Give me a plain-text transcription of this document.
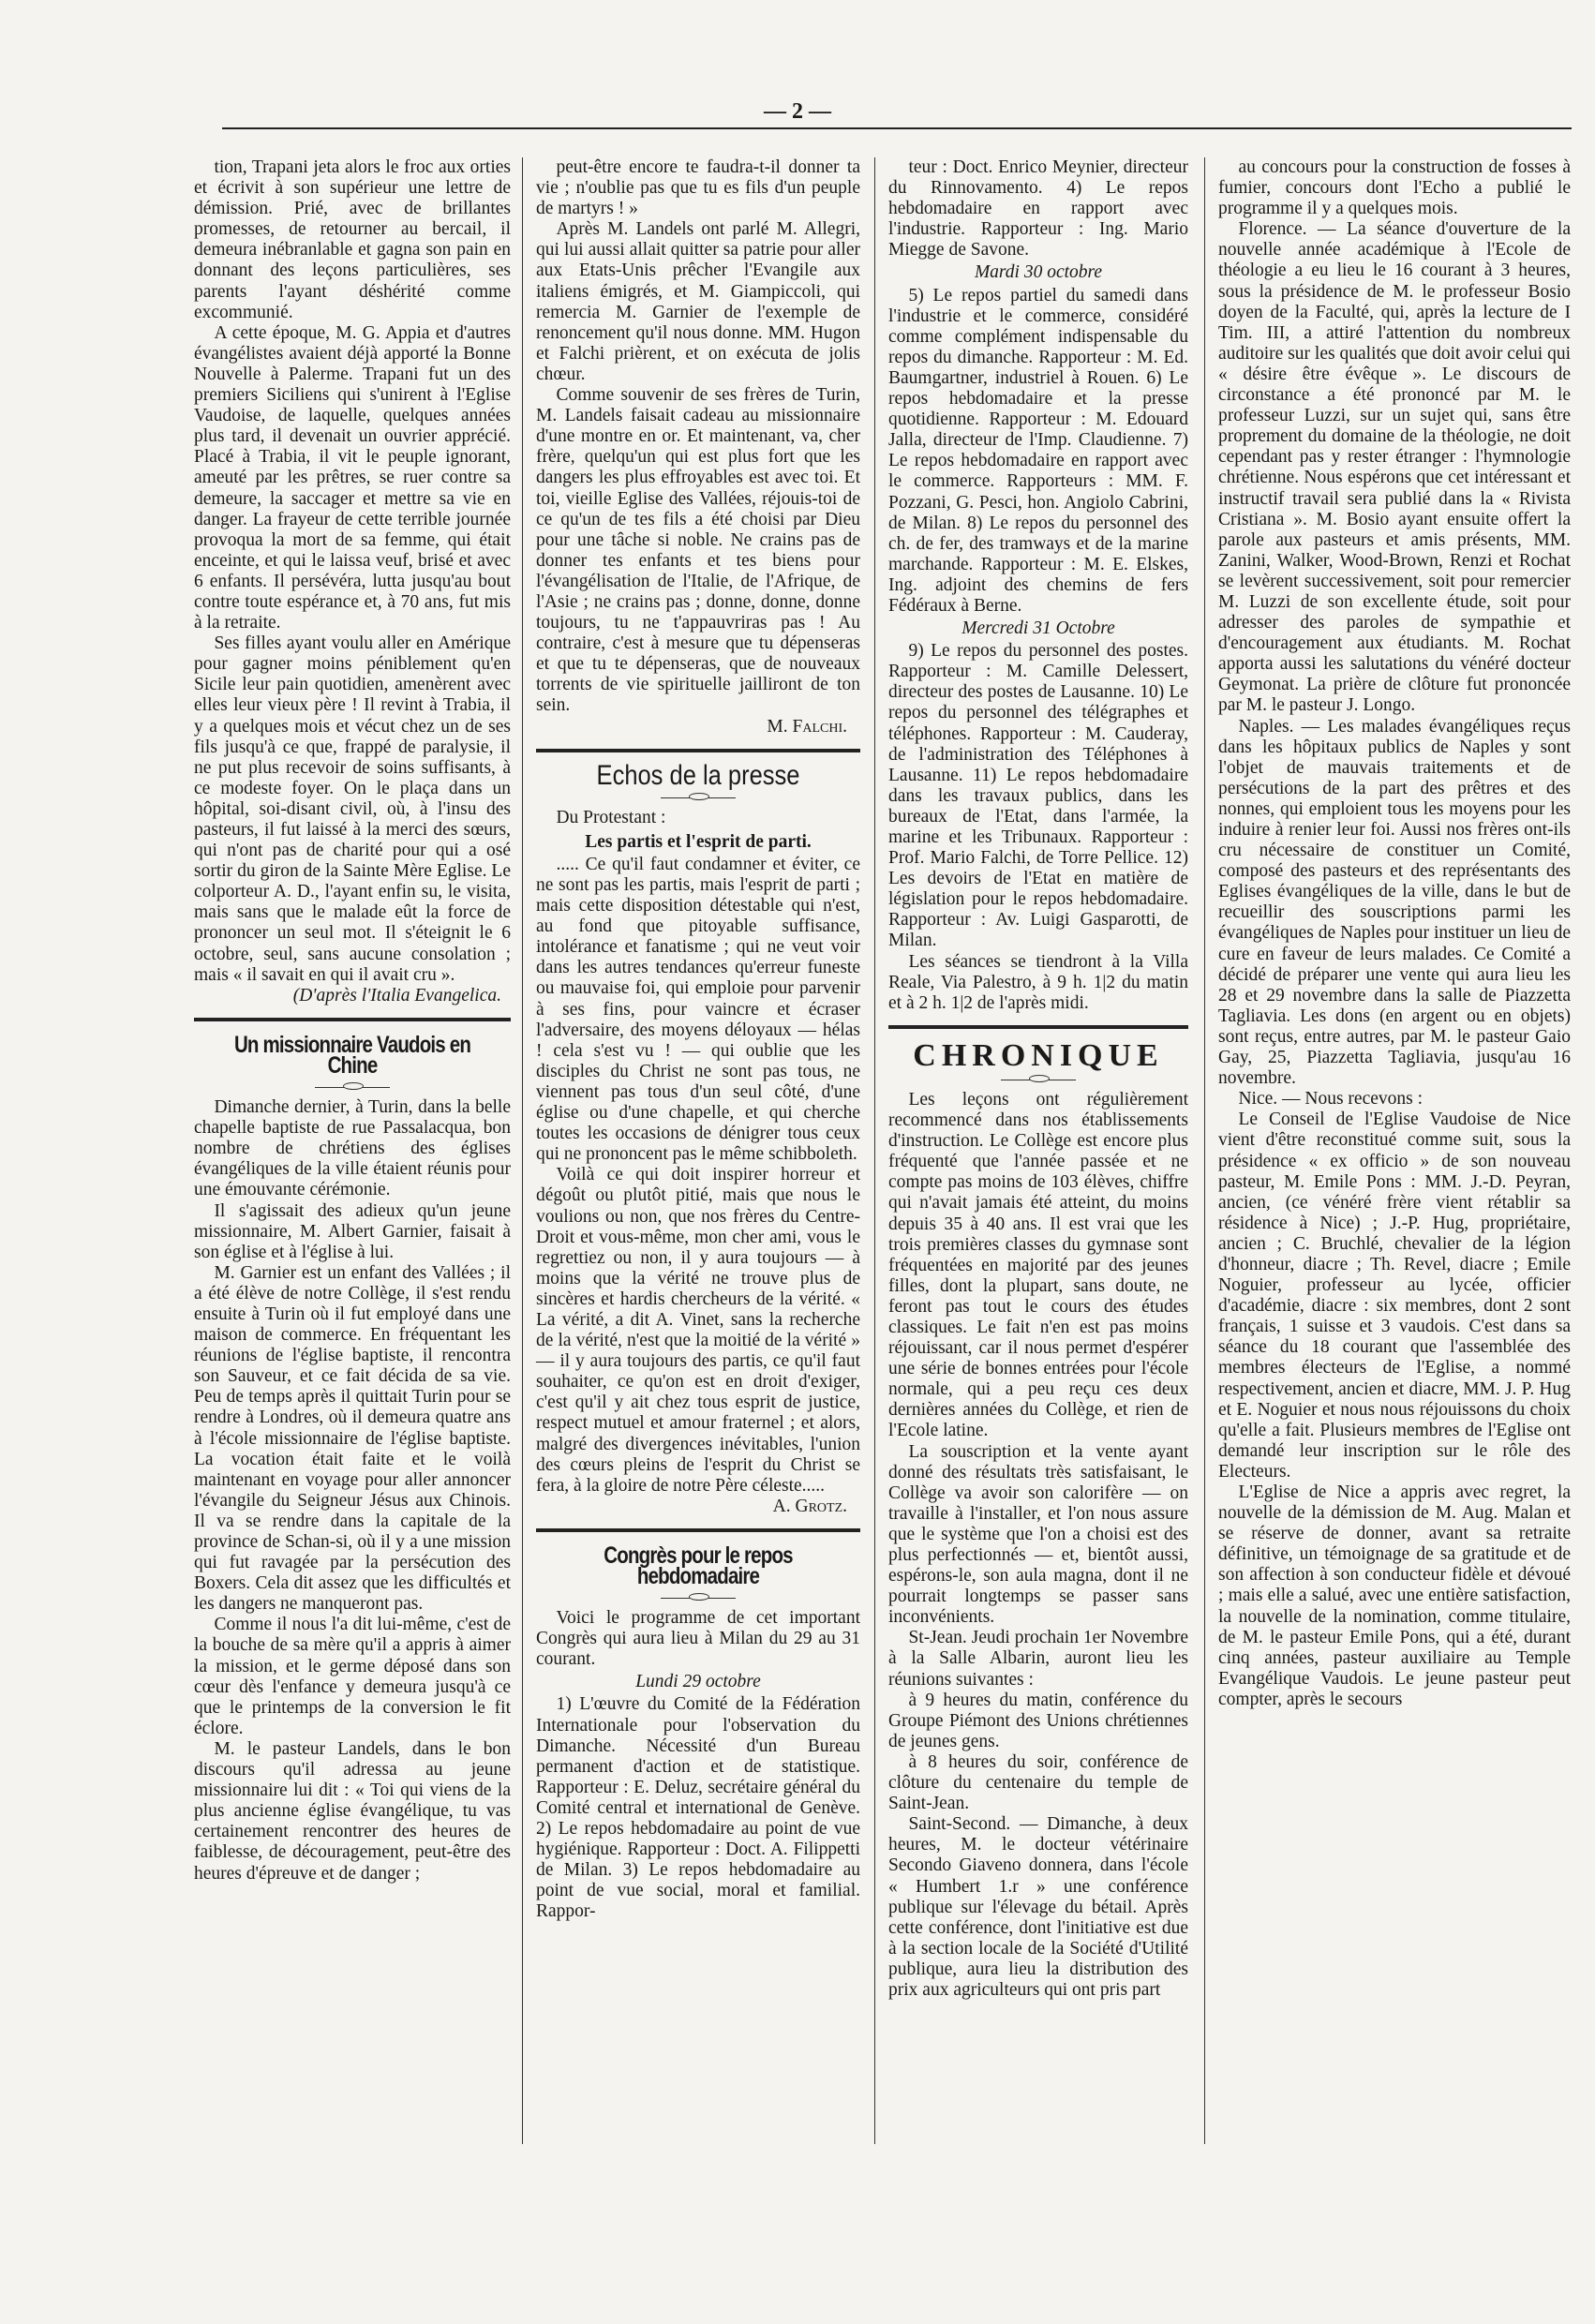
— 2 —
tion, Trapani jeta alors le froc aux orties et écrivit à son supérieur une lettre de démission. Prié, avec de brillantes promesses, de retourner au bercail, il demeura inébranlable et gagna son pain en donnant des leçons particulières, ses parents l'ayant déshérité comme excommunié.
A cette époque, M. G. Appia et d'autres évangélistes avaient déjà apporté la Bonne Nouvelle à Palerme. Trapani fut un des premiers Siciliens qui s'unirent à l'Eglise Vaudoise, de laquelle, quelques années plus tard, il devenait un ouvrier apprécié. Placé à Trabia, il vit le peuple ignorant, ameuté par les prêtres, se ruer contre sa demeure, la saccager et mettre sa vie en danger. La frayeur de cette terrible journée provoqua la mort de sa femme, qui était enceinte, et qui le laissa veuf, brisé et avec 6 enfants. Il persévéra, lutta jusqu'au bout contre toute espérance et, à 70 ans, fut mis à la retraite.
Ses filles ayant voulu aller en Amérique pour gagner moins péniblement qu'en Sicile leur pain quotidien, amenèrent avec elles leur vieux père ! Il revint à Trabia, il y a quelques mois et vécut chez un de ses fils jusqu'à ce que, frappé de paralysie, il ne put plus recevoir de soins suffisants, à ce modeste foyer. On le plaça dans un hôpital, soi-disant civil, où, à l'insu des pasteurs, il fut laissé à la merci des sœurs, qui n'ont pas de charité pour qui a osé sortir du giron de la Sainte Mère Eglise. Le colporteur A. D., l'ayant enfin su, le visita, mais sans que le malade eût la force de prononcer un seul mot. Il s'éteignit le 6 octobre, seul, sans aucune consolation ; mais « il savait en qui il avait cru ».
(D'après l'Italia Evangelica.
Un missionnaire Vaudois en Chine
Dimanche dernier, à Turin, dans la belle chapelle baptiste de rue Passalacqua, bon nombre de chrétiens des églises évangéliques de la ville étaient réunis pour une émouvante cérémonie.
Il s'agissait des adieux qu'un jeune missionnaire, M. Albert Garnier, faisait à son église et à l'église à lui.
M. Garnier est un enfant des Vallées ; il a été élève de notre Collège, il s'est rendu ensuite à Turin où il fut employé dans une maison de commerce. En fréquentant les réunions de l'église baptiste, il rencontra son Sauveur, et ce fait décida de sa vie. Peu de temps après il quittait Turin pour se rendre à Londres, où il demeura quatre ans à l'école missionnaire de l'église baptiste. La vocation était faite et le voilà maintenant en voyage pour aller annoncer l'évangile du Seigneur Jésus aux Chinois. Il va se rendre dans la capitale de la province de Schan-si, où il y a une mission qui fut ravagée par la persécution des Boxers. Cela dit assez que les difficultés et les dangers ne manqueront pas.
Comme il nous l'a dit lui-même, c'est de la bouche de sa mère qu'il a appris à aimer la mission, et le germe déposé dans son cœur dès l'enfance y demeura jusqu'à ce que le printemps de la conversion le fit éclore.
M. le pasteur Landels, dans le bon discours qu'il adressa au jeune missionnaire lui dit : « Toi qui viens de la plus ancienne église évangélique, tu vas certainement rencontrer des heures de faiblesse, de découragement, peut-être des heures d'épreuve et de danger ;
peut-être encore te faudra-t-il donner ta vie ; n'oublie pas que tu es fils d'un peuple de martyrs ! »
Après M. Landels ont parlé M. Allegri, qui lui aussi allait quitter sa patrie pour aller aux Etats-Unis prêcher l'Evangile aux italiens émigrés, et M. Giampiccoli, qui remercia M. Garnier de l'exemple de renoncement qu'il nous donne. MM. Hugon et Falchi prièrent, et on exécuta de jolis chœur.
Comme souvenir de ses frères de Turin, M. Landels faisait cadeau au missionnaire d'une montre en or. Et maintenant, va, cher frère, quelqu'un qui est plus fort que les dangers les plus effroyables est avec toi. Et toi, vieille Eglise des Vallées, réjouis-toi de ce qu'un de tes fils a été choisi par Dieu pour une tâche si noble. Ne crains pas de donner tes enfants et tes biens pour l'évangélisation de l'Italie, de l'Afrique, de l'Asie ; ne crains pas ; donne, donne, donne toujours, tu ne t'appauvriras pas ! Au contraire, c'est à mesure que tu dépenseras et que tu te dépenseras, que de nouveaux torrents de vie spirituelle jailliront de ton sein.
M. Falchi.
Echos de la presse
Du Protestant :
Les partis et l'esprit de parti.
..... Ce qu'il faut condamner et éviter, ce ne sont pas les partis, mais l'esprit de parti ; mais cette disposition détestable qui n'est, au fond que pitoyable suffisance, intolérance et fanatisme ; qui ne veut voir dans les autres tendances qu'erreur funeste ou mauvaise foi, qui emploie pour parvenir à ses fins, pour vaincre et écraser l'adversaire, des moyens déloyaux — hélas ! cela s'est vu ! — qui oublie que les disciples du Christ ne sont pas tous, ne viennent pas tous d'un seul côté, d'une église ou d'une chapelle, et qui cherche toutes les occasions de dénigrer tous ceux qui ne prononcent pas le même schibboleth.
Voilà ce qui doit inspirer horreur et dégoût ou plutôt pitié, mais que nous le voulions ou non, que nos frères du Centre-Droit et vous-même, mon cher ami, vous le regrettiez ou non, il y aura toujours — à moins que la vérité ne trouve plus de sincères et hardis chercheurs de la vérité. « La vérité, a dit A. Vinet, sans la recherche de la vérité, n'est que la moitié de la vérité » — il y aura toujours des partis, ce qu'il faut souhaiter, ce qu'on est en droit d'exiger, c'est qu'il y ait chez tous esprit de justice, respect mutuel et amour fraternel ; et alors, malgré des divergences inévitables, l'union des cœurs pleins de l'esprit du Christ se fera, à la gloire de notre Père céleste.....
A. Grotz.
Congrès pour le repos hebdomadaire
Voici le programme de cet important Congrès qui aura lieu à Milan du 29 au 31 courant.
Lundi 29 octobre
1) L'œuvre du Comité de la Fédération Internationale pour l'observation du Dimanche. Nécessité d'un Bureau permanent d'action et de statistique. Rapporteur : E. Deluz, secrétaire général du Comité central et international de Genève. 2) Le repos hebdomadaire au point de vue hygiénique. Rapporteur : Doct. A. Filippetti de Milan. 3) Le repos hebdomadaire au point de vue social, moral et familial. Rappor-
teur : Doct. Enrico Meynier, directeur du Rinnovamento. 4) Le repos hebdomadaire en rapport avec l'industrie. Rapporteur : Ing. Mario Miegge de Savone.
Mardi 30 octobre
5) Le repos partiel du samedi dans l'industrie et le commerce, considéré comme complément indispensable du repos du dimanche. Rapporteur : M. Ed. Baumgartner, industriel à Rouen. 6) Le repos hebdomadaire et la presse quotidienne. Rapporteur : M. Edouard Jalla, directeur de l'Imp. Claudienne. 7) Le repos hebdomadaire en rapport avec le commerce. Rapporteurs : MM. F. Pozzani, G. Pesci, hon. Angiolo Cabrini, de Milan. 8) Le repos du personnel des ch. de fer, des tramways et de la marine marchande. Rapporteur : M. E. Elskes, Ing. adjoint des chemins de fers Fédéraux à Berne.
Mercredi 31 Octobre
9) Le repos du personnel des postes. Rapporteur : M. Camille Delessert, directeur des postes de Lausanne. 10) Le repos du personnel des télégraphes et téléphones. Rapporteur : M. Cauderay, de l'administration des Téléphones à Lausanne. 11) Le repos hebdomadaire dans les travaux publics, dans les bureaux de l'Etat, dans l'armée, la marine et les Tribunaux. Rapporteur : Prof. Mario Falchi, de Torre Pellice. 12) Les devoirs de l'Etat en matière de législation pour le repos hebdomadaire. Rapporteur : Av. Luigi Gasparotti, de Milan.
Les séances se tiendront à la Villa Reale, Via Palestro, à 9 h. 1|2 du matin et à 2 h. 1|2 de l'après midi.
CHRONIQUE
Les leçons ont régulièrement recommencé dans nos établissements d'instruction. Le Collège est encore plus fréquenté que l'année passée et ne compte pas moins de 103 élèves, chiffre qui n'avait jamais été atteint, du moins depuis 35 à 40 ans. Il est vrai que les trois premières classes du gymnase sont fréquentées en majorité par des jeunes filles, dont la plupart, sans doute, ne feront pas tout le cours des études classiques. Le fait n'en est pas moins réjouissant, car il nous permet d'espérer une série de bonnes entrées pour l'école normale, qui a peu reçu ces deux dernières années du Collège, et rien de l'Ecole latine.
La souscription et la vente ayant donné des résultats très satisfaisant, le Collège va avoir son calorifère — on travaille à l'installer, et l'on nous assure que le système que l'on a choisi est des plus perfectionnés — et, bientôt aussi, espérons-le, son aula magna, dont il ne pourrait longtemps se passer sans inconvénients.
St-Jean. Jeudi prochain 1er Novembre à la Salle Albarin, auront lieu les réunions suivantes :
à 9 heures du matin, conférence du Groupe Piémont des Unions chrétiennes de jeunes gens.
à 8 heures du soir, conférence de clôture du centenaire du temple de Saint-Jean.
Saint-Second. — Dimanche, à deux heures, M. le docteur vétérinaire Secondo Giaveno donnera, dans l'école « Humbert 1.r » une conférence publique sur l'élevage du bétail. Après cette conférence, dont l'initiative est due à la section locale de la Société d'Utilité publique, aura lieu la distribution des prix aux agriculteurs qui ont pris part
au concours pour la construction de fosses à fumier, concours dont l'Echo a publié le programme il y a quelques mois.
Florence. — La séance d'ouverture de la nouvelle année académique à l'Ecole de théologie a eu lieu le 16 courant à 3 heures, sous la présidence de M. le professeur Bosio doyen de la Faculté, qui, après la lecture de I Tim. III, a attiré l'attention du nombreux auditoire sur les qualités que doit avoir celui qui « désire être évêque ». Le discours de circonstance a été prononcé par M. le professeur Luzzi, sur un sujet qui, sans être proprement du domaine de la théologie, ne doit cependant pas y rester étranger : l'hymnologie chrétienne. Nous espérons que cet intéressant et instructif travail sera publié dans la « Rivista Cristiana ». M. Bosio ayant ensuite offert la parole aux pasteurs et amis présents, MM. Zanini, Walker, Wood-Brown, Renzi et Rochat se levèrent successivement, soit pour remercier M. Luzzi de son excellente étude, soit pour adresser des paroles de sympathie et d'encouragement aux étudiants. M. Rochat apporta aussi les salutations du vénéré docteur Geymonat. La prière de clôture fut prononcée par M. le pasteur J. Longo.
Naples. — Les malades évangéliques reçus dans les hôpitaux publics de Naples y sont l'objet de mauvais traitements et de persécutions de la part des prêtres et des nonnes, qui emploient tous les moyens pour les induire à renier leur foi. Aussi nos frères ont-ils cru nécessaire de constituer un Comité, composé des pasteurs et des représentants des Eglises évangéliques de la ville, dans le but de recueillir des souscriptions parmi les évangéliques de Naples pour instituer un lieu de cure en faveur de leurs malades. Ce Comité a décidé de préparer une vente qui aura lieu les 28 et 29 novembre dans la salle de Piazzetta Tagliavia. Les dons (en argent ou en objets) sont reçus, entre autres, par M. le pasteur Gaio Gay, 25, Piazzetta Tagliavia, jusqu'au 16 novembre.
Nice. — Nous recevons :
Le Conseil de l'Eglise Vaudoise de Nice vient d'être reconstitué comme suit, sous la présidence « ex officio » de son nouveau pasteur, M. Emile Pons : MM. J.-D. Peyran, ancien, (ce vénéré frère vient rétablir sa résidence à Nice) ; J.-P. Hug, propriétaire, ancien ; C. Bruchlé, chevalier de la légion d'honneur, diacre ; Th. Revel, diacre ; Emile Noguier, professeur au lycée, officier d'académie, diacre : six membres, dont 2 sont français, 1 suisse et 3 vaudois. C'est dans sa séance du 18 courant que l'assemblée des membres électeurs de l'Eglise, a nommé respectivement, ancien et diacre, MM. J. P. Hug et E. Noguier et nous nous réjouissons du choix qu'elle a fait. Plusieurs membres de l'Eglise ont demandé leur inscription sur le rôle des Electeurs.
L'Eglise de Nice a appris avec regret, la nouvelle de la démission de M. Aug. Malan et se réserve de donner, avant sa retraite définitive, un témoignage de sa gratitude et de son affection à son conducteur fidèle et dévoué ; mais elle a salué, avec une entière satisfaction, la nouvelle de la nomination, comme titulaire, de M. le pasteur Emile Pons, qui a été, durant cinq années, pasteur auxiliaire au Temple Evangélique Vaudois. Le jeune pasteur peut compter, après le secours
